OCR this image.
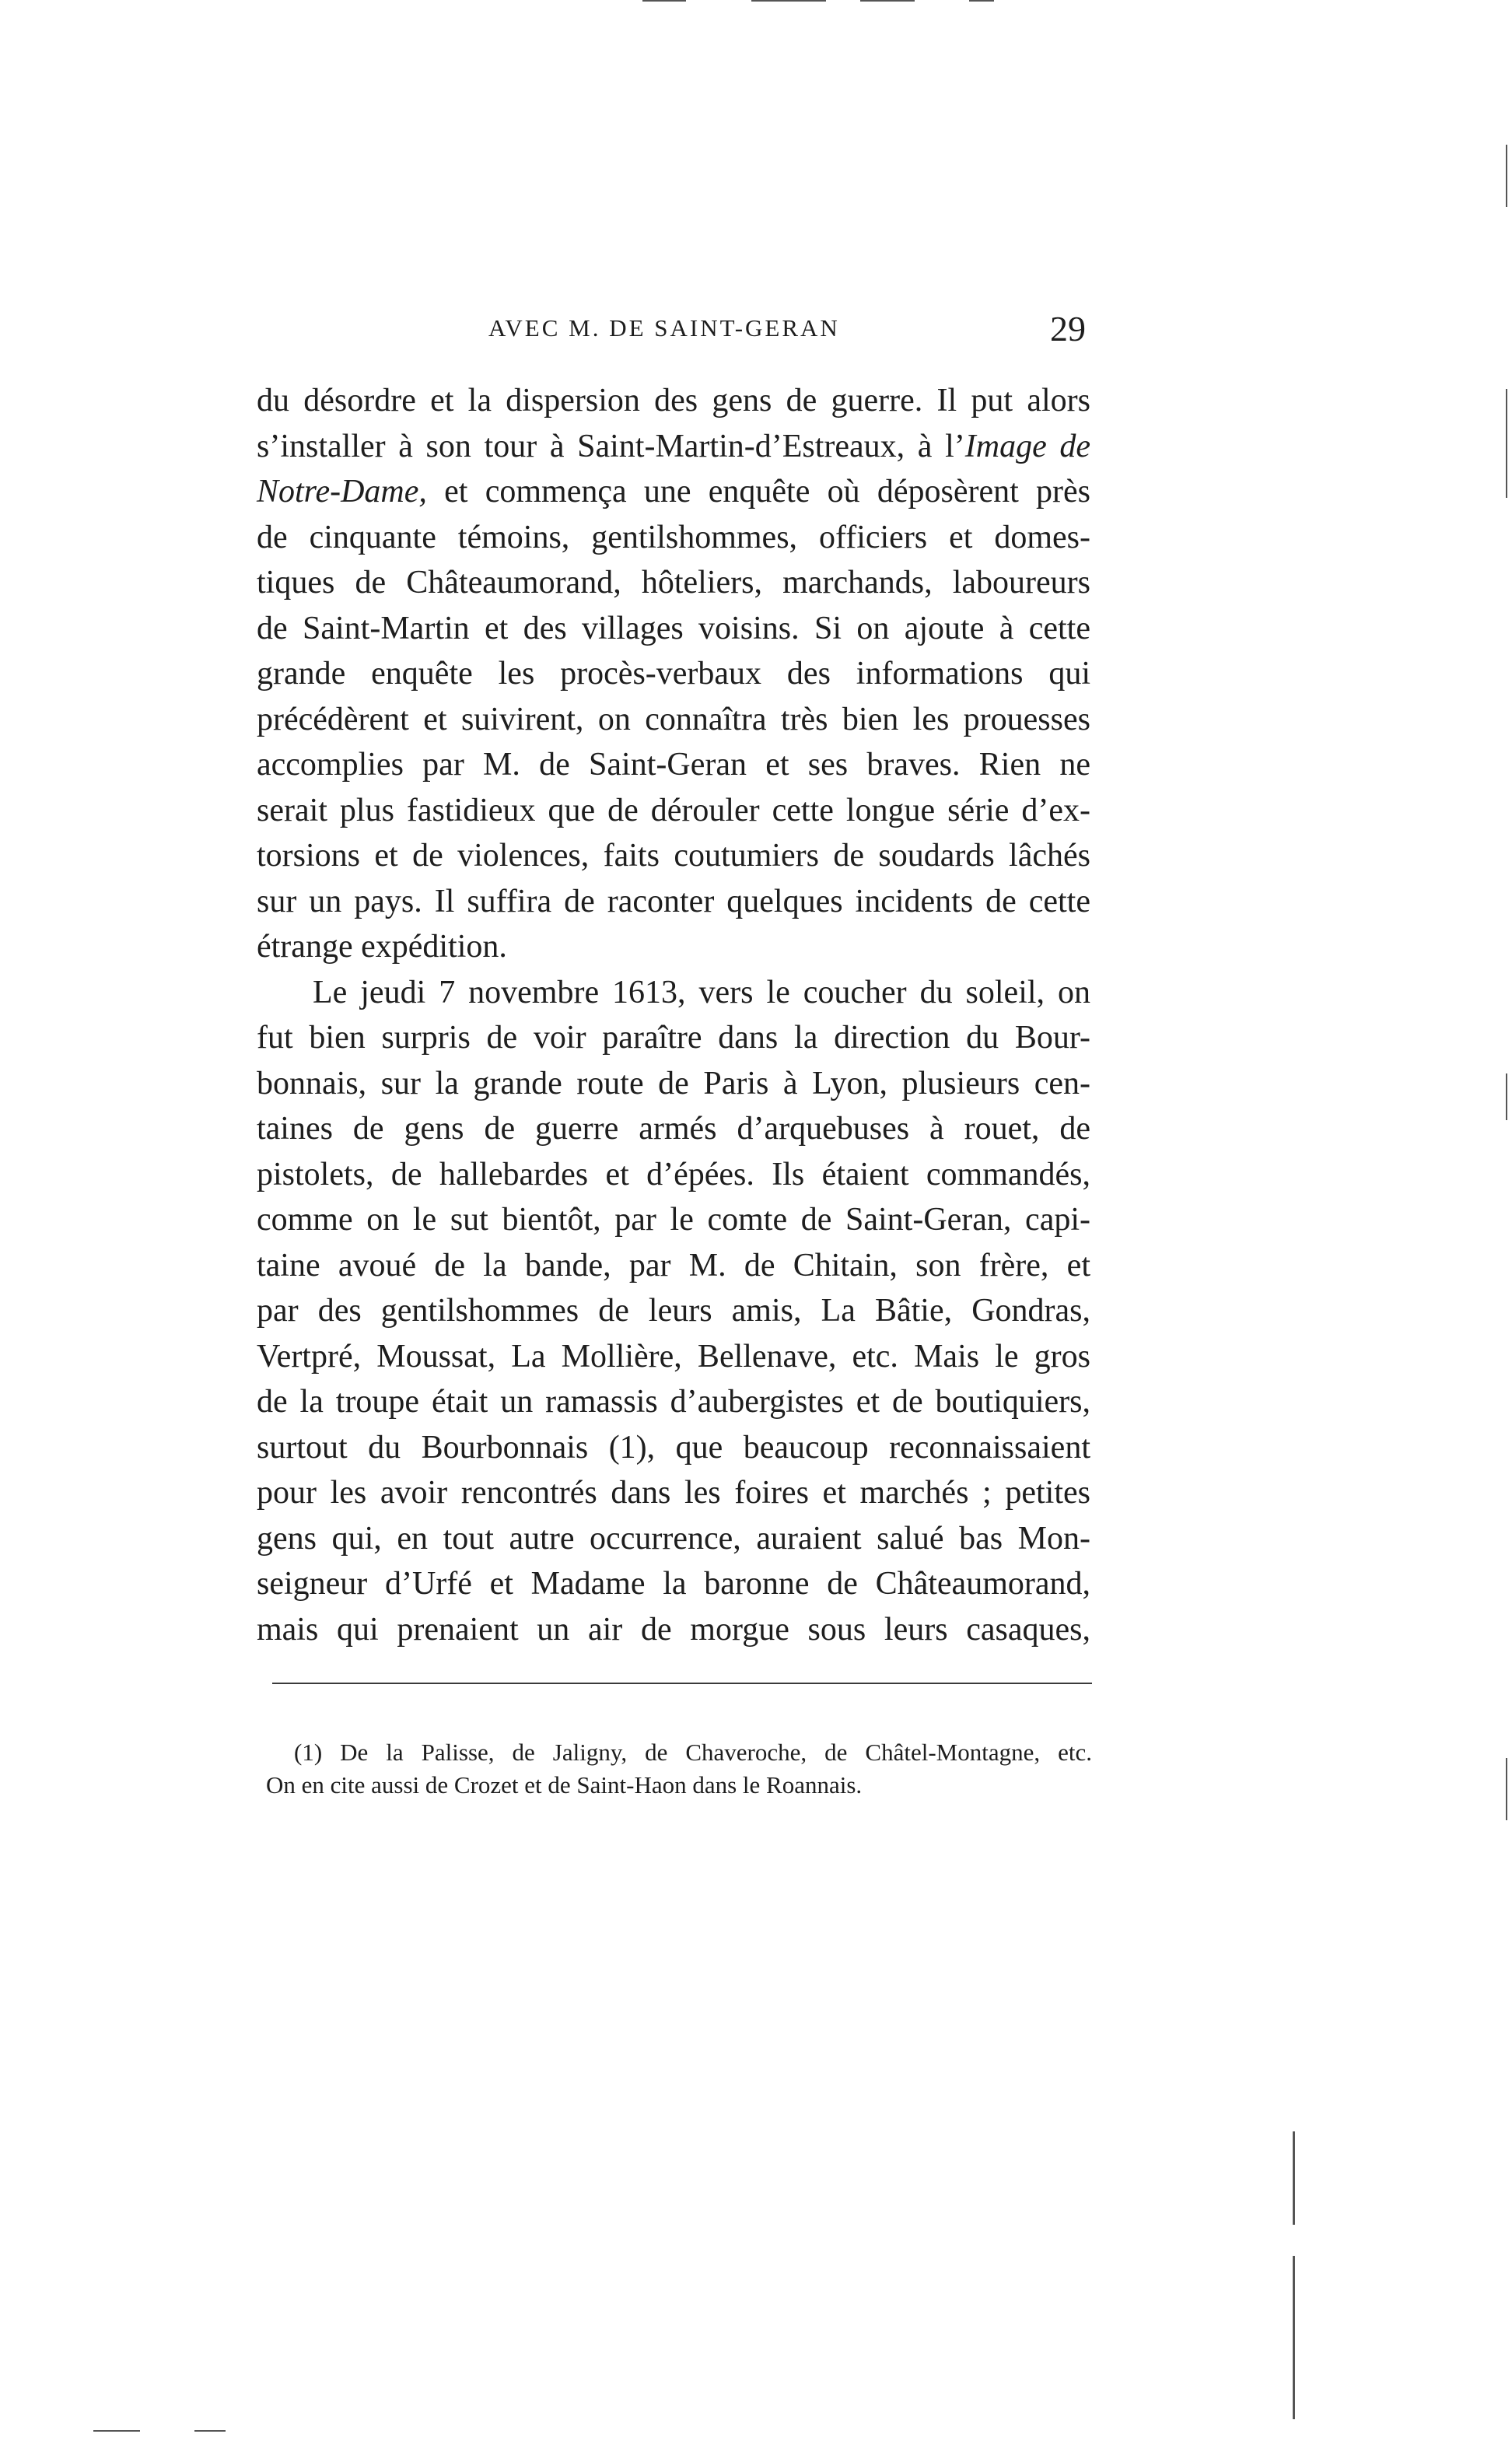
AVEC M. DE SAINT-GERAN	29
du désordre et la dispersion des gens de guerre. Il put alors
s’installer à son tour à Saint-Martin-d’Estreaux, à l’Image de
Notre-Dame, et commença une enquête où déposèrent près
de cinquante témoins, gentilshommes, officiers et domes-
tiques de Châteaumorand, hôteliers, marchands, laboureurs
de Saint-Martin et des villages voisins. Si on ajoute à cette
grande enquête les procès-verbaux des informations qui
précédèrent et suivirent, on connaîtra très bien les prouesses
accomplies par M. de Saint-Geran et ses braves. Rien ne
serait plus fastidieux que de dérouler cette longue série d’ex-
torsions et de violences, faits coutumiers de soudards lâchés
sur un pays. Il suffira de raconter quelques incidents de cette
étrange expédition.
Le jeudi 7 novembre 1613, vers le coucher du soleil, on
fut bien surpris de voir paraître dans la direction du Bour-
bonnais, sur la grande route de Paris à Lyon, plusieurs cen-
taines de gens de guerre armés d’arquebuses à rouet, de
pistolets, de hallebardes et d’épées. Ils étaient commandés,
comme on le sut bientôt, par le comte de Saint-Geran, capi-
taine avoué de la bande, par M. de Chitain, son frère, et
par des gentilshommes de leurs amis, La Bâtie, Gondras,
Vertpré, Moussat, La Mollière, Bellenave, etc. Mais le gros
de la troupe était un ramassis d’aubergistes et de boutiquiers,
surtout du Bourbonnais (1), que beaucoup reconnaissaient
pour les avoir rencontrés dans les foires et marchés ; petites
gens qui, en tout autre occurrence, auraient salué bas Mon-
seigneur d’Urfé et Madame la baronne de Châteaumorand,
mais qui prenaient un air de morgue sous leurs casaques,
(1) De la Palisse, de Jaligny, de Chaveroche, de Châtel-Montagne, etc.
On en cite aussi de Crozet et de Saint-Haon dans le Roannais.
